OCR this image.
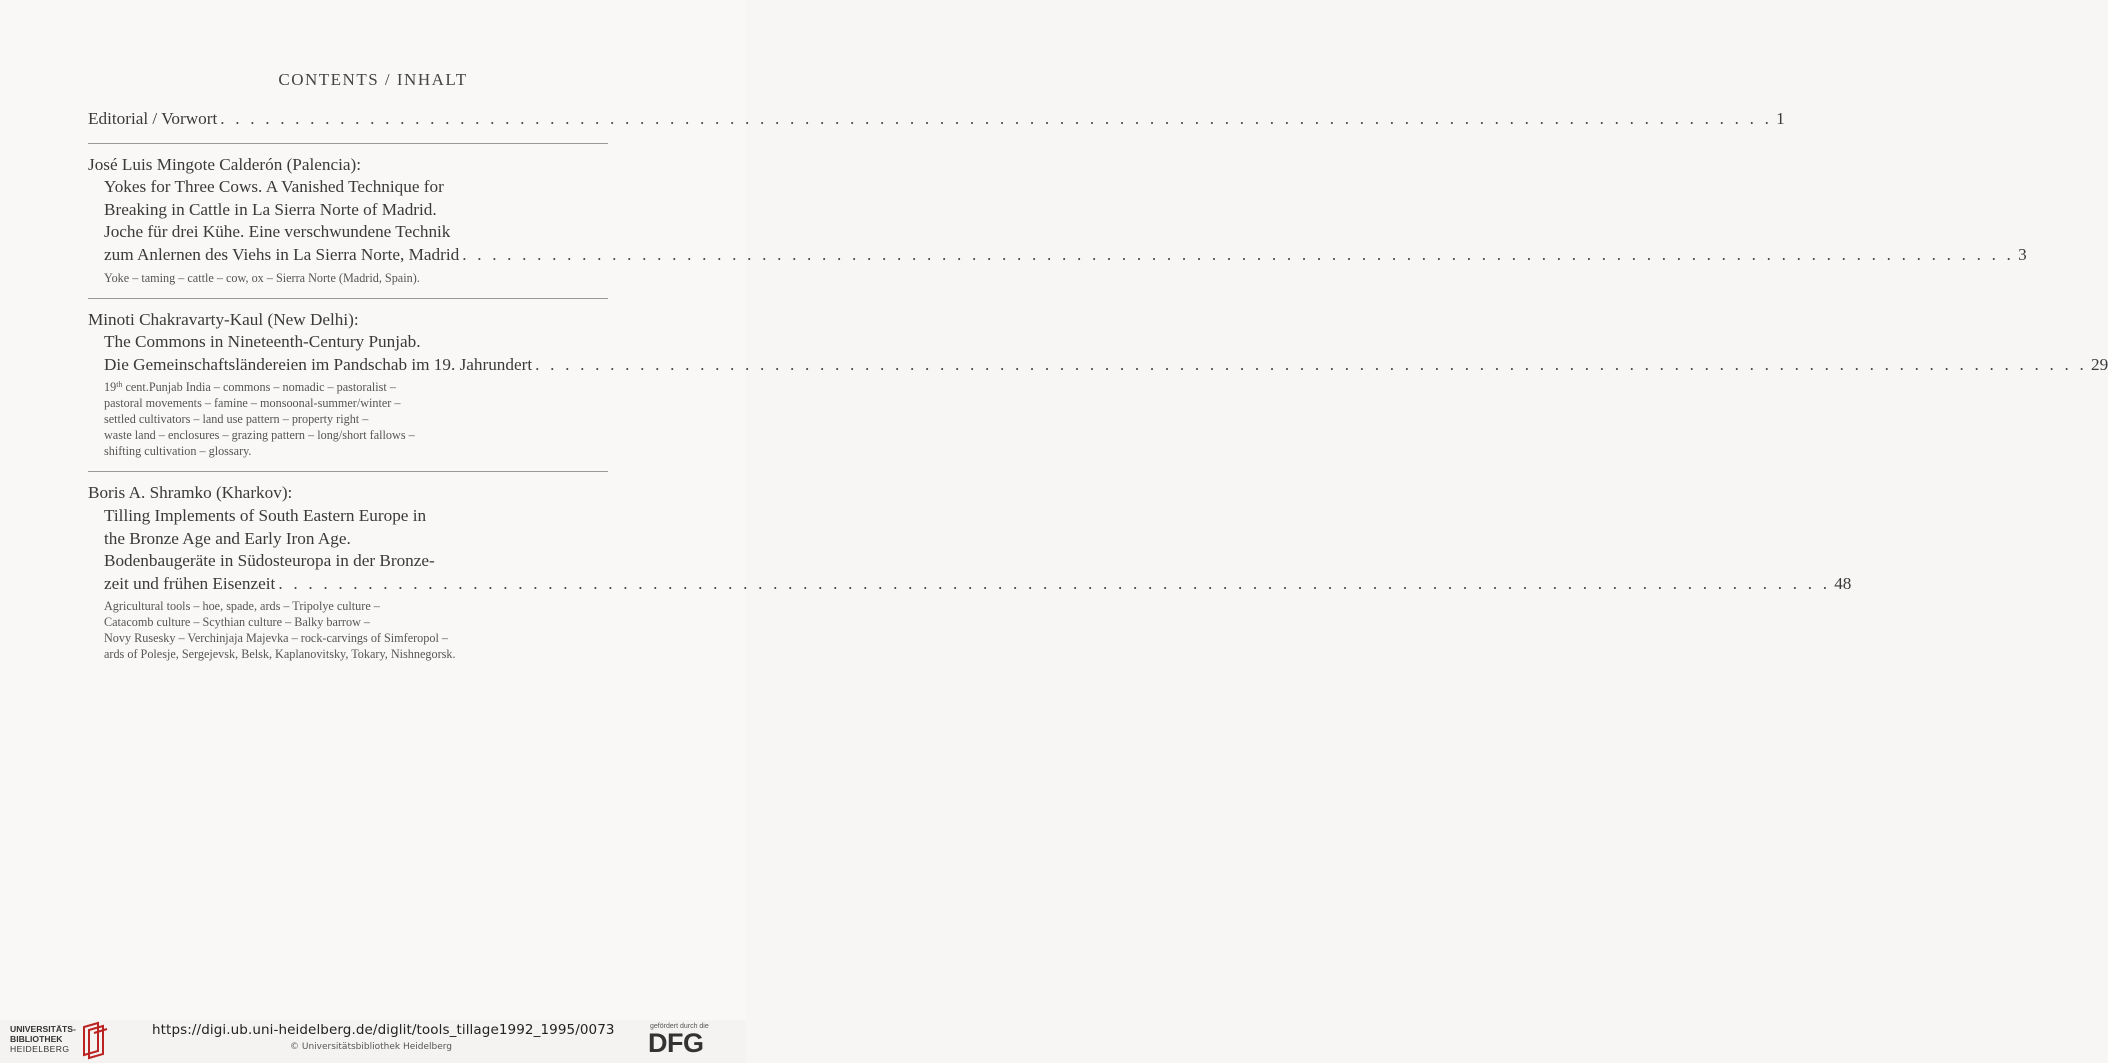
CONTENTS / INHALT
Editorial / Vorwort . . . . . . . . . . . . . . . . . . . . . . . . . . . . . . . . . . . . . . . . . . . . . . . . . . . . . . . . . . . . . . . . . . . . . . . . . . . . . . . . . . . . . . . . . . . . . . . . . . . . . . . . 1
José Luis Mingote Calderón (Palencia):
Yokes for Three Cows. A Vanished Technique for
Breaking in Cattle in La Sierra Norte of Madrid.
Joche für drei Kühe. Eine verschwundene Technik
zum Anlernen des Viehs in La Sierra Norte, Madrid . . . . . . . . . . . . . . . . . . . . . . . . . . . . . . . . . . . . . . . . . . . . . . . . . . . . . . . . . . . . . . . . . . . . . . . . . . . . . . . . . . . . . . . . . . . . . . . . . . . . . . . . 3
Yoke – taming – cattle – cow, ox – Sierra Norte (Madrid, Spain).
Minoti Chakravarty-Kaul (New Delhi):
The Commons in Nineteenth-Century Punjab.
Die Gemeinschaftsländereien im Pandschab im 19. Jahrundert . . . . . . . . . . . . . . . . . . . . . . . . . . . . . . . . . . . . . . . . . . . . . . . . . . . . . . . . . . . . . . . . . . . . . . . . . . . . . . . . . . . . . . . . . . . . . . . . . . . . . . . . 29
19th cent.Punjab India – commons – nomadic – pastoralist –
pastoral movements – famine – monsoonal-summer/winter –
settled cultivators – land use pattern – property right –
waste land – enclosures – grazing pattern – long/short fallows –
shifting cultivation – glossary.
Boris A. Shramko (Kharkov):
Tilling Implements of South Eastern Europe in
the Bronze Age and Early Iron Age.
Bodenbaugeräte in Südosteuropa in der Bronze-
zeit und frühen Eisenzeit . . . . . . . . . . . . . . . . . . . . . . . . . . . . . . . . . . . . . . . . . . . . . . . . . . . . . . . . . . . . . . . . . . . . . . . . . . . . . . . . . . . . . . . . . . . . . . . . . . . . . . . . 48
Agricultural tools – hoe, spade, ards – Tripolye culture –
Catacomb culture – Scythian culture – Balky barrow –
Novy Rusesky – Verchinjaja Majevka – rock-carvings of Simferopol –
ards of Polesje, Sergejevsk, Belsk, Kaplanovitsky, Tokary, Nishnegorsk.
UNIVERSITÄTS-
BIBLIOTHEK
HEIDELBERG
https://digi.ub.uni-heidelberg.de/diglit/tools_tillage1992_1995/0073
© Universitätsbibliothek Heidelberg
gefördert durch die
DFG
